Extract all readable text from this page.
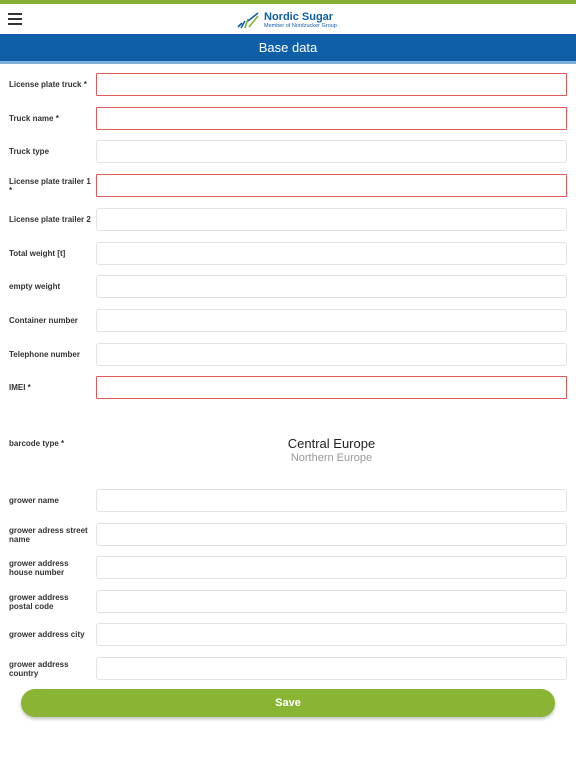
Nordic Sugar
Member of Nordzucker Group
Base data
License plate truck *
Truck name *
Truck type
License plate trailer 1 *
License plate trailer 2
Total weight [t]
empty weight
Container number
Telephone number
IMEI *
barcode type *	Central Europe
Northern Europe
grower name
grower adress street name
grower address house number
grower address postal code
grower address city
grower address country
Save
